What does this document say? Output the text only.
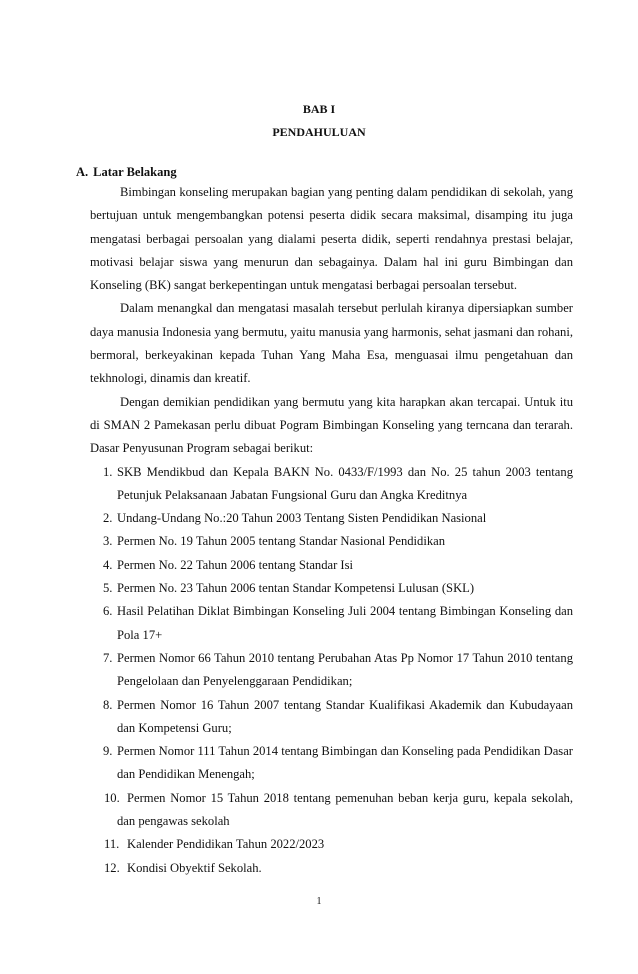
BAB I
PENDAHULUAN
A. Latar Belakang

Bimbingan konseling merupakan bagian yang penting dalam pendidikan di sekolah, yang bertujuan untuk mengembangkan potensi peserta didik secara maksimal, disamping itu juga mengatasi berbagai persoalan yang dialami peserta didik, seperti rendahnya prestasi belajar, motivasi belajar siswa yang menurun dan sebagainya. Dalam hal ini guru Bimbingan dan Konseling (BK) sangat berkepentingan untuk mengatasi berbagai persoalan tersebut.

Dalam menangkal dan mengatasi masalah tersebut perlulah kiranya dipersiapkan sumber daya manusia Indonesia yang bermutu, yaitu manusia yang harmonis, sehat jasmani dan rohani, bermoral, berkeyakinan kepada Tuhan Yang Maha Esa, menguasai ilmu pengetahuan dan tekhnologi, dinamis dan kreatif.

Dengan demikian pendidikan yang bermutu yang kita harapkan akan tercapai. Untuk itu di SMAN 2 Pamekasan perlu dibuat Pogram Bimbingan Konseling yang terncana dan terarah. Dasar Penyusunan Program sebagai berikut:

1. SKB Mendikbud dan Kepala BAKN No. 0433/F/1993 dan No. 25 tahun 2003 tentang Petunjuk Pelaksanaan Jabatan Fungsional Guru dan Angka Kreditnya
2. Undang-Undang No.:20 Tahun 2003 Tentang Sisten Pendidikan Nasional
3. Permen No. 19 Tahun 2005 tentang Standar Nasional Pendidikan
4. Permen No. 22 Tahun 2006 tentang Standar Isi
5. Permen No. 23 Tahun 2006 tentan Standar Kompetensi Lulusan (SKL)
6. Hasil Pelatihan Diklat Bimbingan Konseling Juli 2004 tentang Bimbingan Konseling dan Pola 17+
7. Permen Nomor 66 Tahun 2010 tentang Perubahan Atas Pp Nomor 17 Tahun 2010 tentang Pengelolaan dan Penyelenggaraan Pendidikan;
8. Permen Nomor 16 Tahun 2007 tentang Standar Kualifikasi Akademik dan Kubudayaan dan Kompetensi Guru;
9. Permen Nomor 111 Tahun 2014 tentang Bimbingan dan Konseling pada Pendidikan Dasar dan Pendidikan Menengah;
10. Permen Nomor 15 Tahun 2018 tentang pemenuhan beban kerja guru, kepala sekolah, dan pengawas sekolah
11. Kalender Pendidikan Tahun 2022/2023
12. Kondisi Obyektif Sekolah.
1
